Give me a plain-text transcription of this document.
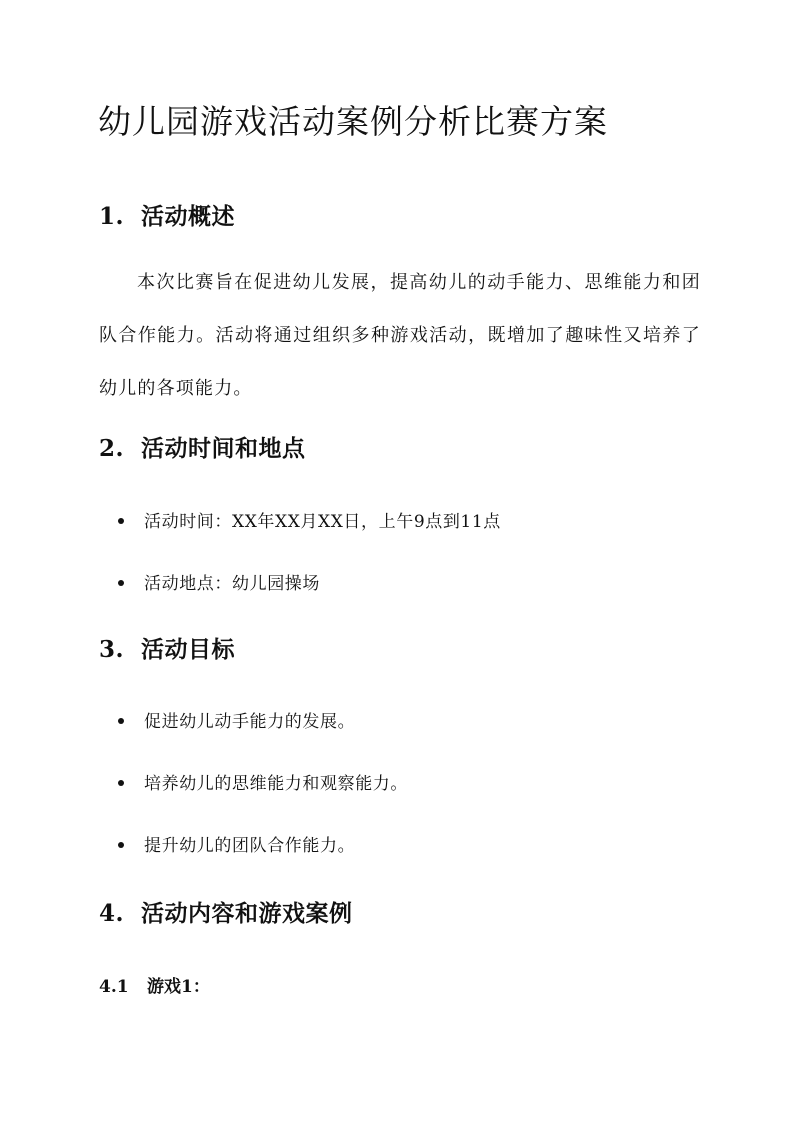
幼儿园游戏活动案例分析比赛方案
1. 活动概述

本次比赛旨在促进幼儿发展，提高幼儿的动手能力、思维能力和团队合作能力。活动将通过组织多种游戏活动，既增加了趣味性又培养了幼儿的各项能力。

2. 活动时间和地点
活动时间：XX年XX月XX日，上午9点到11点
活动地点：幼儿园操场
3. 活动目标
促进幼儿动手能力的发展。
培养幼儿的思维能力和观察能力。
提升幼儿的团队合作能力。
4. 活动内容和游戏案例
4.1 游戏1：
